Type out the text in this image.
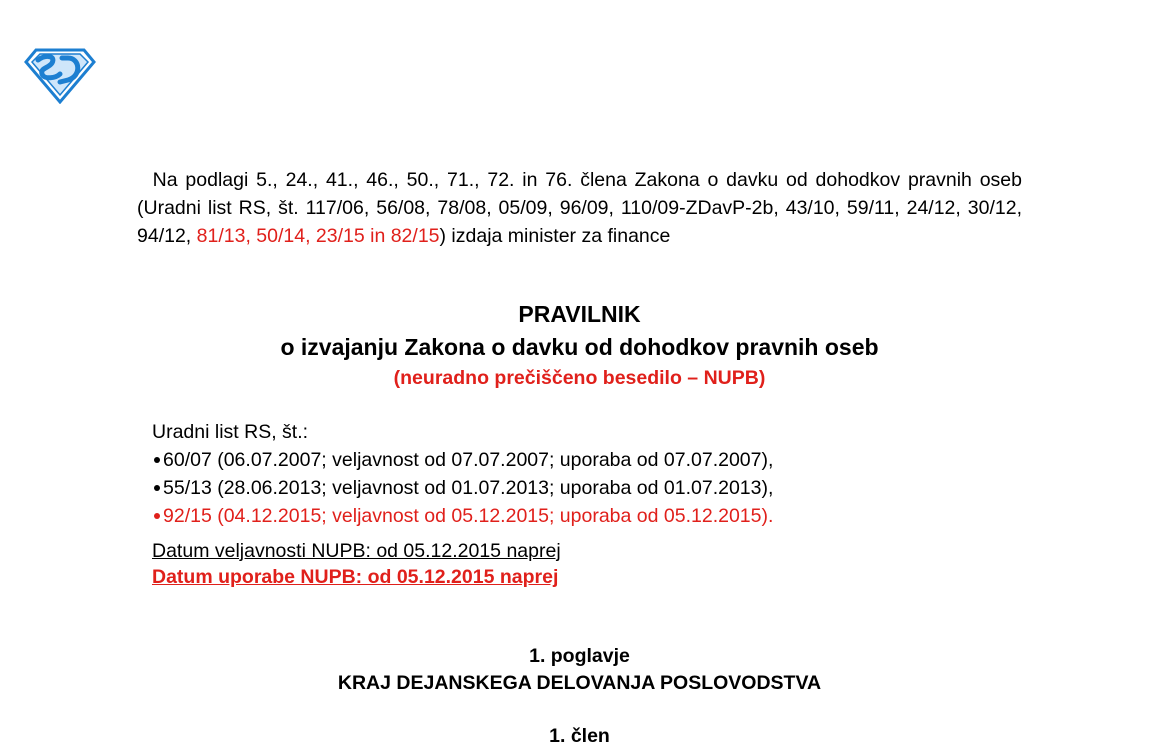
Na podlagi 5., 24., 41., 46., 50., 71., 72. in 76. člena Zakona o davku od dohodkov pravnih oseb (Uradni list RS, št. 117/06, 56/08, 78/08, 05/09, 96/09, 110/09-ZDavP-2b, 43/10, 59/11, 24/12, 30/12, 94/12, 81/13, 50/14, 23/15 in 82/15) izdaja minister za finance
PRAVILNIK
o izvajanju Zakona o davku od dohodkov pravnih oseb
(neuradno prečiščeno besedilo – NUPB)
Uradni list RS, št.:
60/07 (06.07.2007; veljavnost od 07.07.2007; uporaba od 07.07.2007),
55/13 (28.06.2013; veljavnost od 01.07.2013; uporaba od 01.07.2013),
92/15 (04.12.2015; veljavnost od 05.12.2015; uporaba od 05.12.2015).
Datum veljavnosti NUPB: od 05.12.2015 naprej
Datum uporabe NUPB: od 05.12.2015 naprej
1. poglavje
KRAJ DEJANSKEGA DELOVANJA POSLOVODSTVA
1. člen
